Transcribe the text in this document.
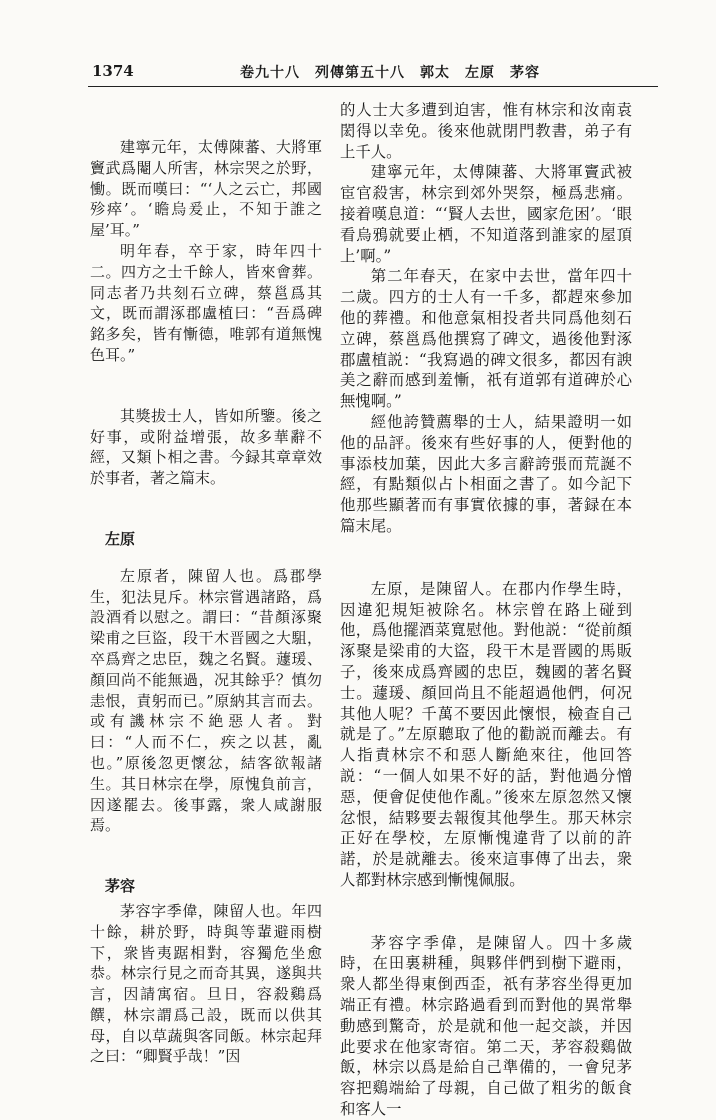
1374	卷九十八　列傳第五十八　郭太　左原　茅容

建寧元年，太傅陳蕃、大將軍竇武爲閹人所害，林宗哭之於野，慟。既而嘆曰：“‘人之云亡，邦國殄瘁’。‘瞻烏爰止，不知于誰之屋’耳。”

明年春，卒于家，時年四十二。四方之士千餘人，皆來會葬。同志者乃共刻石立碑，蔡邕爲其文，既而謂涿郡盧植曰：“吾爲碑銘多矣，皆有慚德，唯郭有道無愧色耳。”

其獎拔士人，皆如所鑒。後之好事，或附益增張，故多華辭不經，又類卜相之書。今録其章章效於事者，著之篇末。

左原

左原者，陳留人也。爲郡學生，犯法見斥。林宗嘗遇諸路，爲設酒肴以慰之。謂曰：“昔顏涿聚梁甫之巨盜，段干木晋國之大駔，卒爲齊之忠臣，魏之名賢。蘧瑗、顏回尚不能無過，况其餘乎？慎勿恚恨，責躬而已。”原納其言而去。或有譏林宗不絶惡人者。對曰：“人而不仁，疾之以甚，亂也。”原後忽更懷忿，結客欲報諸生。其日林宗在學，原愧負前言，因遂罷去。後事露，衆人咸謝服焉。

茅容

茅容字季偉，陳留人也。年四十餘，耕於野，時與等輩避雨樹下，衆皆夷踞相對，容獨危坐愈恭。林宗行見之而奇其異，遂與共言，因請寓宿。旦日，容殺鷄爲饌，林宗謂爲己設，既而以供其母，自以草蔬與客同飯。林宗起拜之曰：“卿賢乎哉！”因

的人士大多遭到迫害，惟有林宗和汝南袁閎得以幸免。後來他就閉門教書，弟子有上千人。

建寧元年，太傅陳蕃、大將軍竇武被宦官殺害，林宗到郊外哭祭，極爲悲痛。接着嘆息道：“‘賢人去世，國家危困’。‘眼看烏鴉就要止栖，不知道落到誰家的屋頂上’啊。”

第二年春天，在家中去世，當年四十二歲。四方的士人有一千多，都趕來參加他的葬禮。和他意氣相投者共同爲他刻石立碑，蔡邕爲他撰寫了碑文，過後他對涿郡盧植説：“我寫過的碑文很多，都因有諛美之辭而感到羞慚，祇有道郭有道碑於心無愧啊。”

經他誇贊薦舉的士人，結果證明一如他的品評。後來有些好事的人，便對他的事添枝加葉，因此大多言辭誇張而荒誕不經，有點類似占卜相面之書了。如今記下他那些顯著而有事實依據的事，著録在本篇末尾。

左原，是陳留人。在郡内作學生時，因違犯規矩被除名。林宗曾在路上碰到他，爲他擺酒菜寬慰他。對他説：“從前顏涿聚是梁甫的大盜，段干木是晋國的馬販子，後來成爲齊國的忠臣，魏國的著名賢士。蘧瑗、顏回尚且不能超過他們，何况其他人呢？千萬不要因此懷恨，檢查自己就是了。”左原聽取了他的勸説而離去。有人指責林宗不和惡人斷絶來往，他回答説：“一個人如果不好的話，對他過分憎惡，便會促使他作亂。”後來左原忽然又懷忿恨，結夥要去報復其他學生。那天林宗正好在學校，左原慚愧違背了以前的許諾，於是就離去。後來這事傳了出去，衆人都對林宗感到慚愧佩服。

茅容字季偉，是陳留人。四十多歲時，在田裏耕種，與夥伴們到樹下避雨，衆人都坐得東倒西歪，祇有茅容坐得更加端正有禮。林宗路過看到而對他的異常舉動感到驚奇，於是就和他一起交談，并因此要求在他家寄宿。第二天，茅容殺鷄做飯，林宗以爲是給自己準備的，一會兒茅容把鷄端給了母親，自己做了粗劣的飯食和客人一
